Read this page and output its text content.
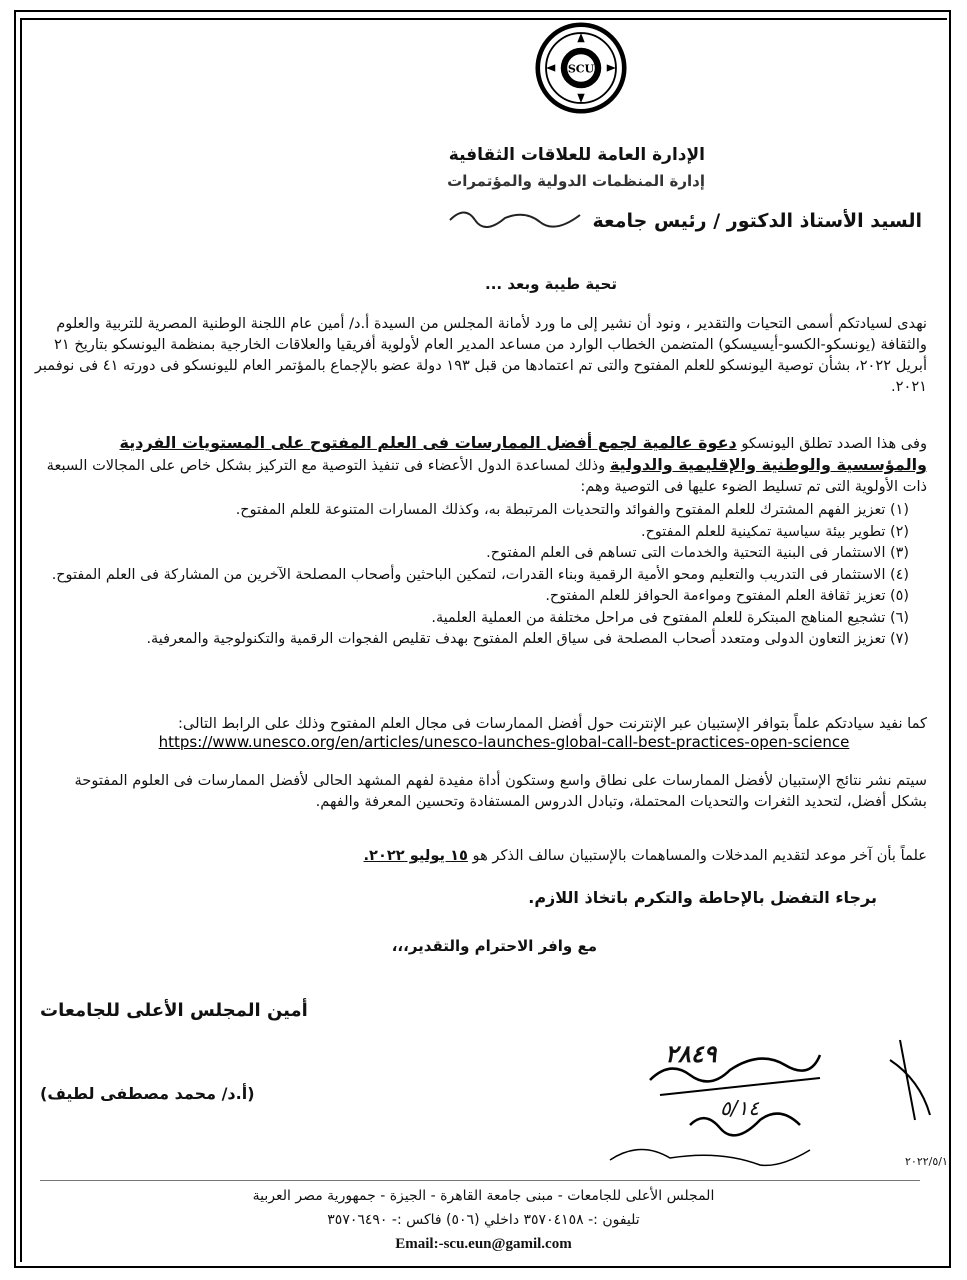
SCU
الإدارة العامة للعلاقات الثقافية
إدارة المنظمات الدولية والمؤتمرات
السيد الأستاذ الدكتور / رئيس جامعة
تحية طيبة وبعد ...
نهدى لسيادتكم أسمى التحيات والتقدير ، ونود أن نشير إلى ما ورد لأمانة المجلس من السيدة أ.د/ أمين عام اللجنة الوطنية المصرية للتربية والعلوم والثقافة (يونسكو-الكسو-أيسيسكو) المتضمن الخطاب الوارد من مساعد المدير العام لأولوية أفريقيا والعلاقات الخارجية بمنظمة اليونسكو بتاريخ ٢١ أبريل ٢٠٢٢، بشأن توصية اليونسكو للعلم المفتوح والتى تم اعتمادها من قبل ١٩٣ دولة عضو بالإجماع بالمؤتمر العام لليونسكو فى دورته ٤١ فى نوفمبر ٢٠٢١.
وفى هذا الصدد تطلق اليونسكو دعوة عالمية لجمع أفضل الممارسات فى العلم المفتوح على المستويات الفردية والمؤسسية والوطنية والإقليمية والدولية وذلك لمساعدة الدول الأعضاء فى تنفيذ التوصية مع التركيز بشكل خاص على المجالات السبعة ذات الأولوية التى تم تسليط الضوء عليها فى التوصية وهم:

(١) تعزيز الفهم المشترك للعلم المفتوح والفوائد والتحديات المرتبطة به، وكذلك المسارات المتنوعة للعلم المفتوح.

(٢) تطوير بيئة سياسية تمكينية للعلم المفتوح.

(٣) الاستثمار فى البنية التحتية والخدمات التى تساهم فى العلم المفتوح.

(٤) الاستثمار فى التدريب والتعليم ومحو الأمية الرقمية وبناء القدرات، لتمكين الباحثين وأصحاب المصلحة الآخرين من المشاركة فى العلم المفتوح.

(٥) تعزيز ثقافة العلم المفتوح ومواءمة الحوافز للعلم المفتوح.

(٦) تشجيع المناهج المبتكرة للعلم المفتوح فى مراحل مختلفة من العملية العلمية.

(٧) تعزيز التعاون الدولى ومتعدد أصحاب المصلحة فى سياق العلم المفتوح بهدف تقليص الفجوات الرقمية والتكنولوجية والمعرفية.

كما نفيد سيادتكم علماً بتوافر الإستبيان عبر الإنترنت حول أفضل الممارسات فى مجال العلم المفتوح وذلك على الرابط التالى:
https://www.unesco.org/en/articles/unesco-launches-global-call-best-practices-open-science
سيتم نشر نتائج الإستبيان لأفضل الممارسات على نطاق واسع وستكون أداة مفيدة لفهم المشهد الحالى لأفضل الممارسات فى العلوم المفتوحة بشكل أفضل، لتحديد الثغرات والتحديات المحتملة، وتبادل الدروس المستفادة وتحسين المعرفة والفهم.
علماً بأن آخر موعد لتقديم المدخلات والمساهمات بالإستبيان سالف الذكر هو ١٥ يوليو ٢٠٢٢.
برجاء التفضل بالإحاطة والتكرم باتخاذ اللازم.
مع وافر الاحترام والتقدير،،،
أمين المجلس الأعلى للجامعات
(أ.د/ محمد مصطفى لطيف)
٢٨٤٩
٥/١٤
٢٠٢٢/٥/١
المجلس الأعلى للجامعات - مبنى جامعة القاهرة - الجيزة - جمهورية مصر العربية
تليفون :- ٣٥٧٠٤١٥٨ داخلي (٥٠٦) فاكس :- ٣٥٧٠٦٤٩٠
Email:-scu.eun@gamil.com
